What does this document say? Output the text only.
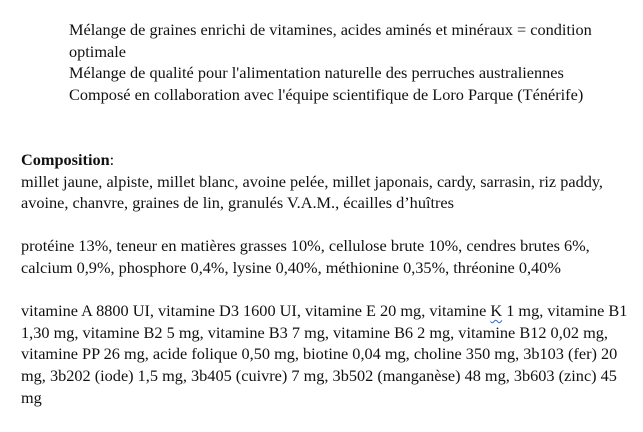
Mélange de graines enrichi de vitamines, acides aminés et minéraux = condition optimale

Mélange de qualité pour l'alimentation naturelle des perruches australiennes

Composé en collaboration avec l'équipe scientifique de Loro Parque (Ténérife)

Composition:

millet jaune, alpiste, millet blanc, avoine pelée, millet japonais, cardy, sarrasin, riz paddy, avoine, chanvre, graines de lin, granulés V.A.M., écailles d’huîtres

protéine 13%, teneur en matières grasses 10%, cellulose brute 10%, cendres brutes 6%, calcium 0,9%, phosphore 0,4%, lysine 0,40%, méthionine 0,35%, thréonine 0,40%

vitamine A 8800 UI, vitamine D3 1600 UI, vitamine E 20 mg, vitamine K 1 mg, vitamine B1 1,30 mg, vitamine B2 5 mg, vitamine B3 7 mg, vitamine B6 2 mg, vitamine B12 0,02 mg, vitamine PP 26 mg, acide folique 0,50 mg, biotine 0,04 mg, choline 350 mg, 3b103 (fer) 20 mg, 3b202 (iode) 1,5 mg, 3b405 (cuivre) 7 mg, 3b502 (manganèse) 48 mg, 3b603 (zinc) 45 mg
